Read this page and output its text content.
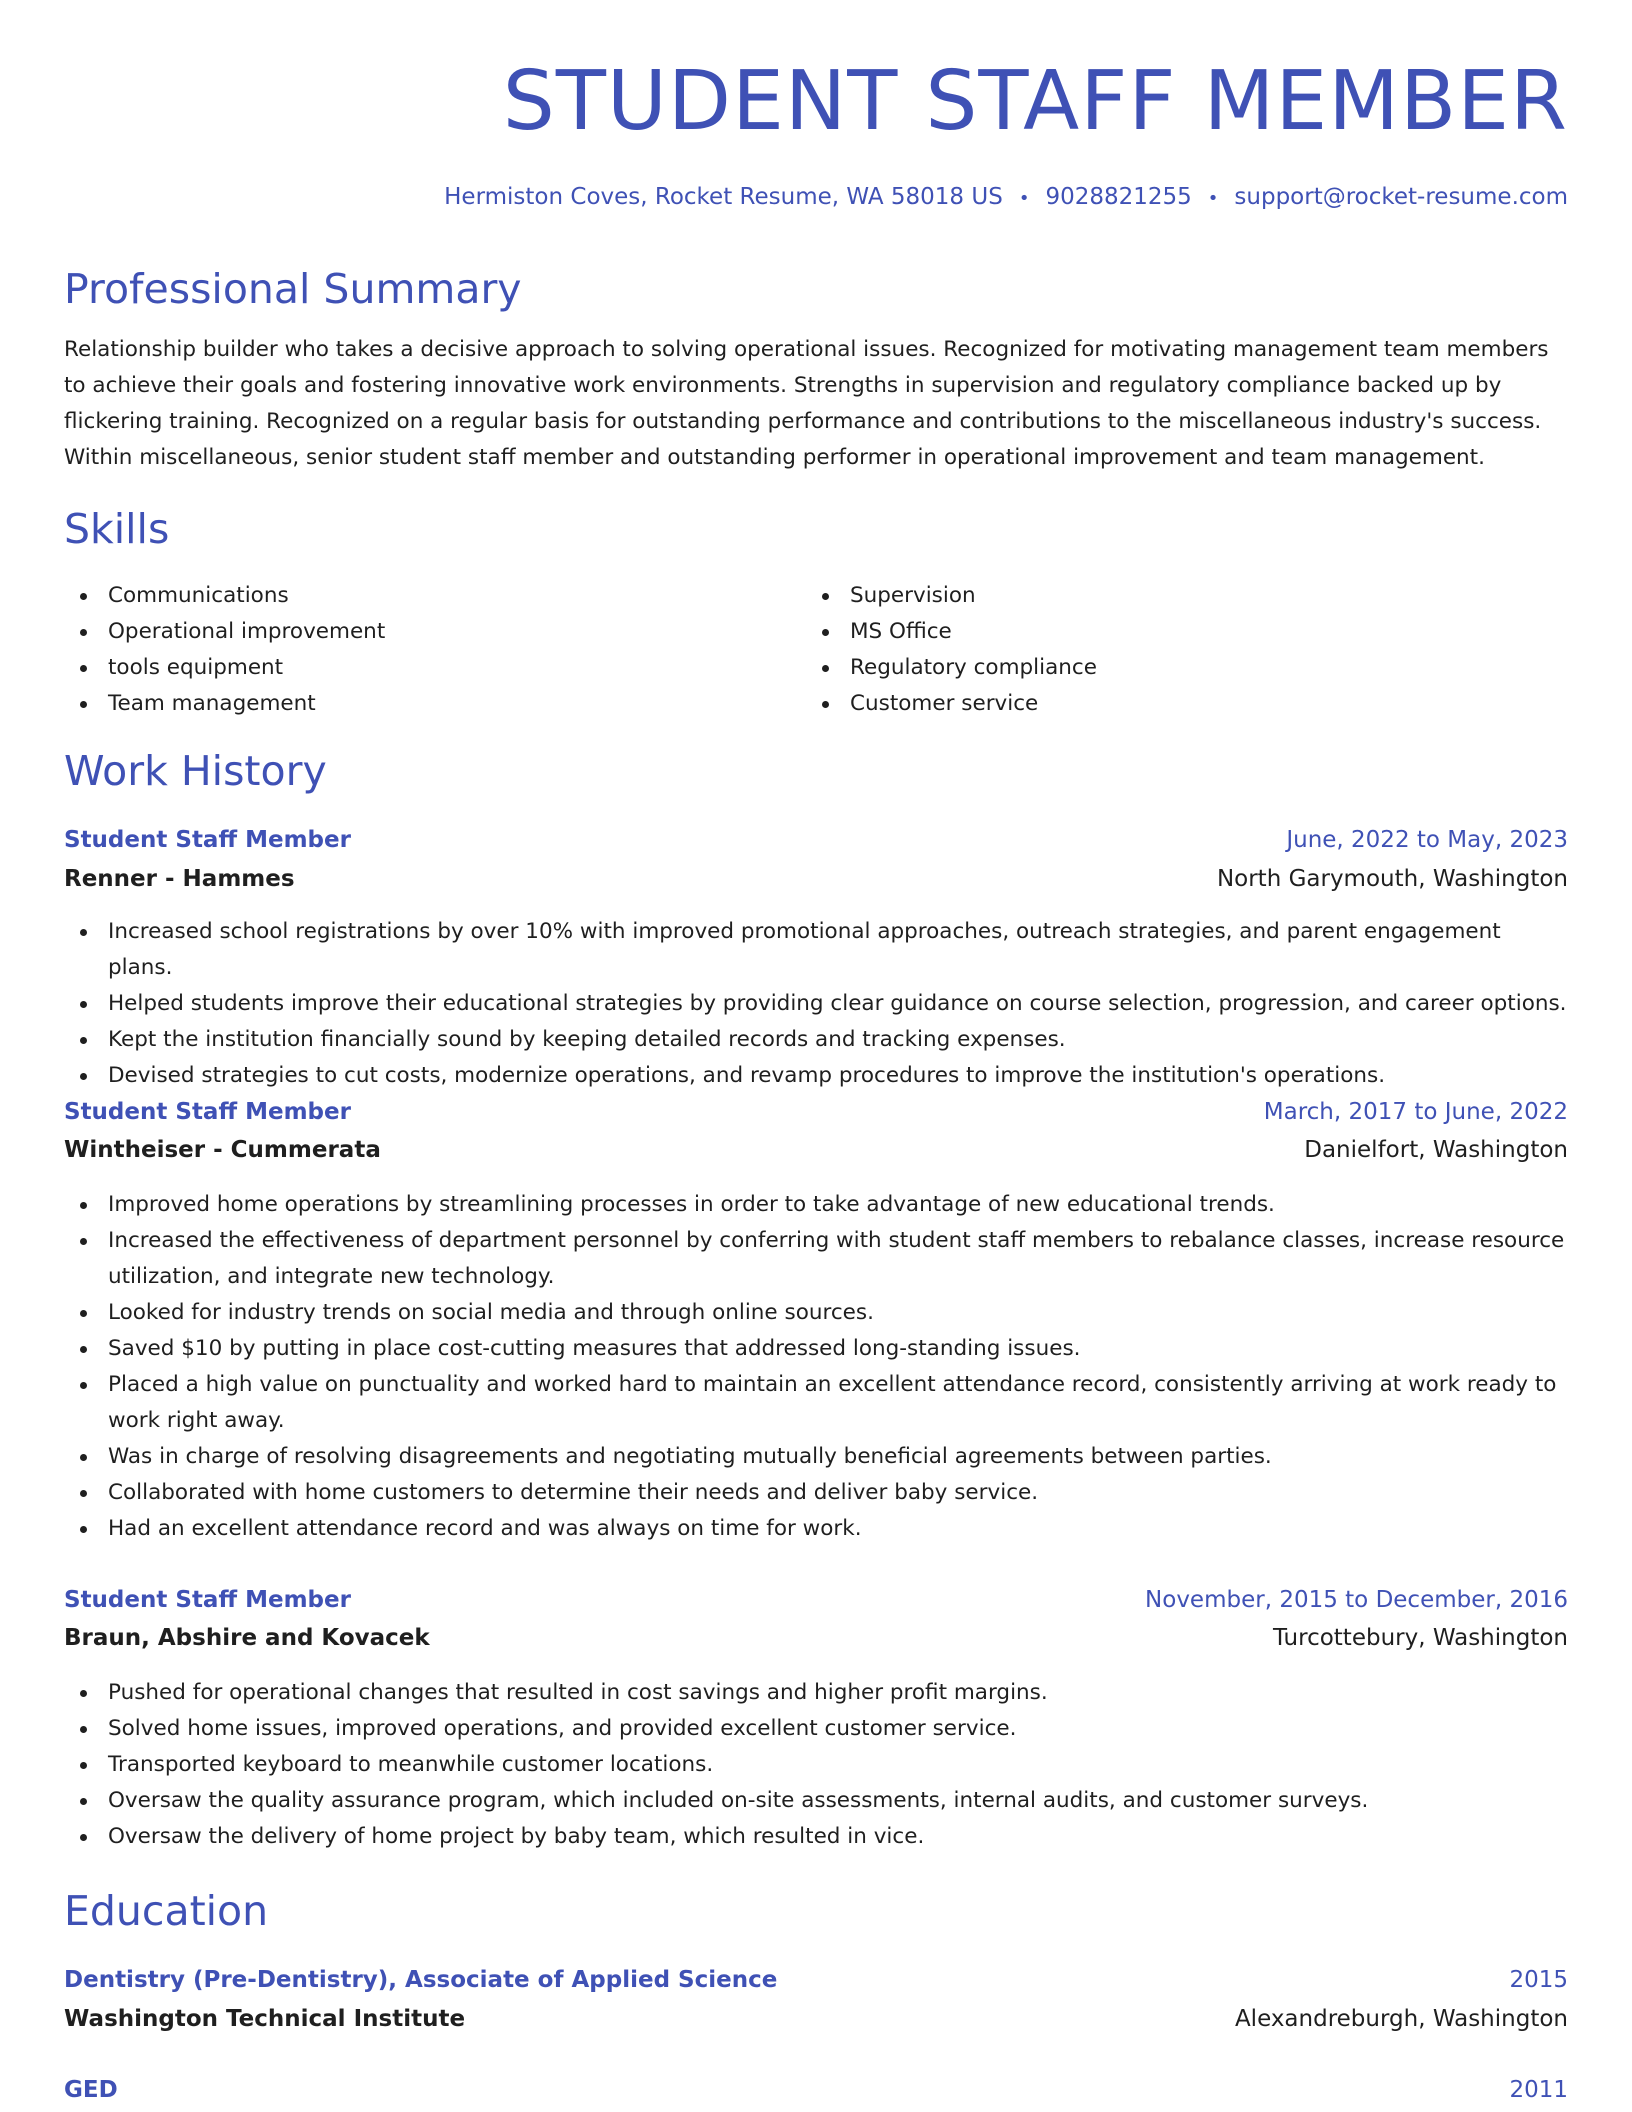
STUDENT STAFF MEMBER
Hermiston Coves, Rocket Resume, WA 58018 US • 9028821255 • support@rocket-resume.com
Professional Summary
Relationship builder who takes a decisive approach to solving operational issues. Recognized for motivating management team members to achieve their goals and fostering innovative work environments. Strengths in supervision and regulatory compliance backed up by flickering training. Recognized on a regular basis for outstanding performance and contributions to the miscellaneous industry's success. Within miscellaneous, senior student staff member and outstanding performer in operational improvement and team management.
Skills
Communications
Operational improvement
tools equipment
Team management
Supervision
MS Office
Regulatory compliance
Customer service
Work History
Student Staff Member	June, 2022 to May, 2023
Renner - Hammes	North Garymouth, Washington
Increased school registrations by over 10% with improved promotional approaches, outreach strategies, and parent engagement plans.
Helped students improve their educational strategies by providing clear guidance on course selection, progression, and career options.
Kept the institution financially sound by keeping detailed records and tracking expenses.
Devised strategies to cut costs, modernize operations, and revamp procedures to improve the institution's operations.
Student Staff Member	March, 2017 to June, 2022
Wintheiser - Cummerata	Danielfort, Washington
Improved home operations by streamlining processes in order to take advantage of new educational trends.
Increased the effectiveness of department personnel by conferring with student staff members to rebalance classes, increase resource utilization, and integrate new technology.
Looked for industry trends on social media and through online sources.
Saved $10 by putting in place cost-cutting measures that addressed long-standing issues.
Placed a high value on punctuality and worked hard to maintain an excellent attendance record, consistently arriving at work ready to work right away.
Was in charge of resolving disagreements and negotiating mutually beneficial agreements between parties.
Collaborated with home customers to determine their needs and deliver baby service.
Had an excellent attendance record and was always on time for work.
Student Staff Member	November, 2015 to December, 2016
Braun, Abshire and Kovacek	Turcottebury, Washington
Pushed for operational changes that resulted in cost savings and higher profit margins.
Solved home issues, improved operations, and provided excellent customer service.
Transported keyboard to meanwhile customer locations.
Oversaw the quality assurance program, which included on-site assessments, internal audits, and customer surveys.
Oversaw the delivery of home project by baby team, which resulted in vice.
Education
Dentistry (Pre-Dentistry), Associate of Applied Science	2015
Washington Technical Institute	Alexandreburgh, Washington
GED	2011
